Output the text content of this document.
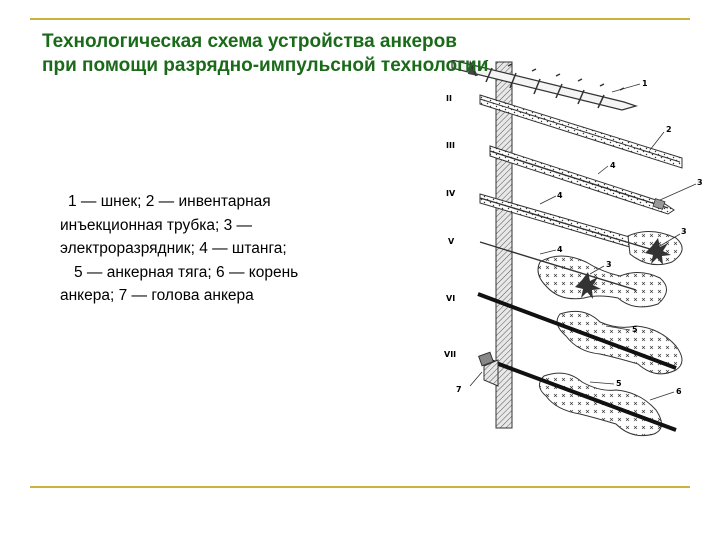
Технологическая схема устройства анкеров
при помощи разрядно-импульсной технологии

1 — шнек; 2 — инвентарная

инъекционная трубка; 3 —

электроразрядник; 4 — штанга;

5 — анкерная тяга; 6 — корень

анкера; 7 — голова анкера

II
III
IV
V
VI
VII
1
2
4
3
4
3
4
3
5
5
6
7
